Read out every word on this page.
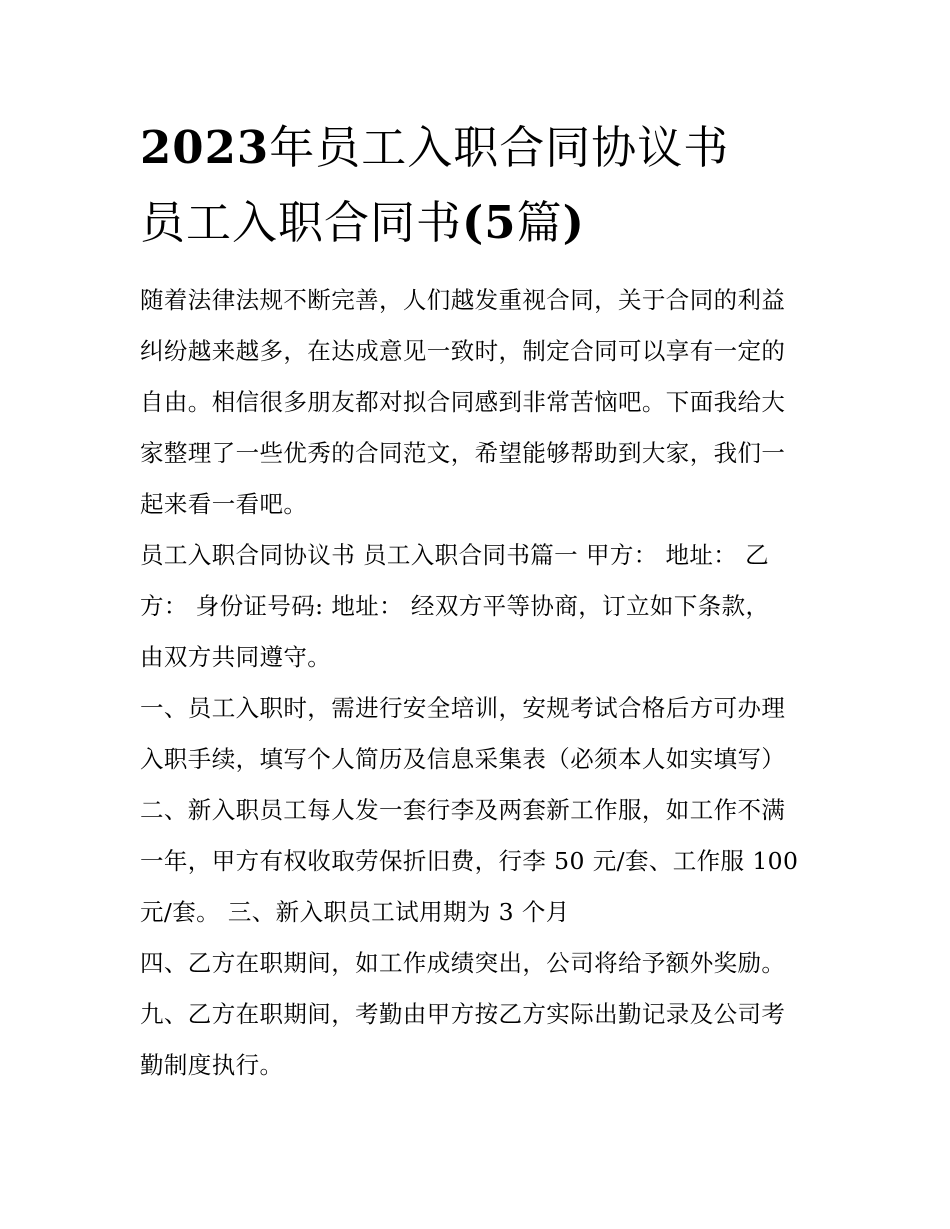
2023年员工入职合同协议书
员工入职合同书(5篇)

随着法律法规不断完善，人们越发重视合同，关于合同的利益
纠纷越来越多，在达成意见一致时，制定合同可以享有一定的
自由。相信很多朋友都对拟合同感到非常苦恼吧。下面我给大
家整理了一些优秀的合同范文，希望能够帮助到大家，我们一
起来看一看吧。

员工入职合同协议书 员工入职合同书篇一 甲方： 地址： 乙
方： 身份证号码: 地址： 经双方平等协商，订立如下条款，
由双方共同遵守。

一、员工入职时，需进行安全培训，安规考试合格后方可办理
入职手续，填写个人简历及信息采集表（必须本人如实填写）

二、新入职员工每人发一套行李及两套新工作服，如工作不满
一年，甲方有权收取劳保折旧费，行李 50 元/套、工作服 100
元/套。 三、新入职员工试用期为 3 个月

四、乙方在职期间，如工作成绩突出，公司将给予额外奖励。

九、乙方在职期间，考勤由甲方按乙方实际出勤记录及公司考
勤制度执行。
